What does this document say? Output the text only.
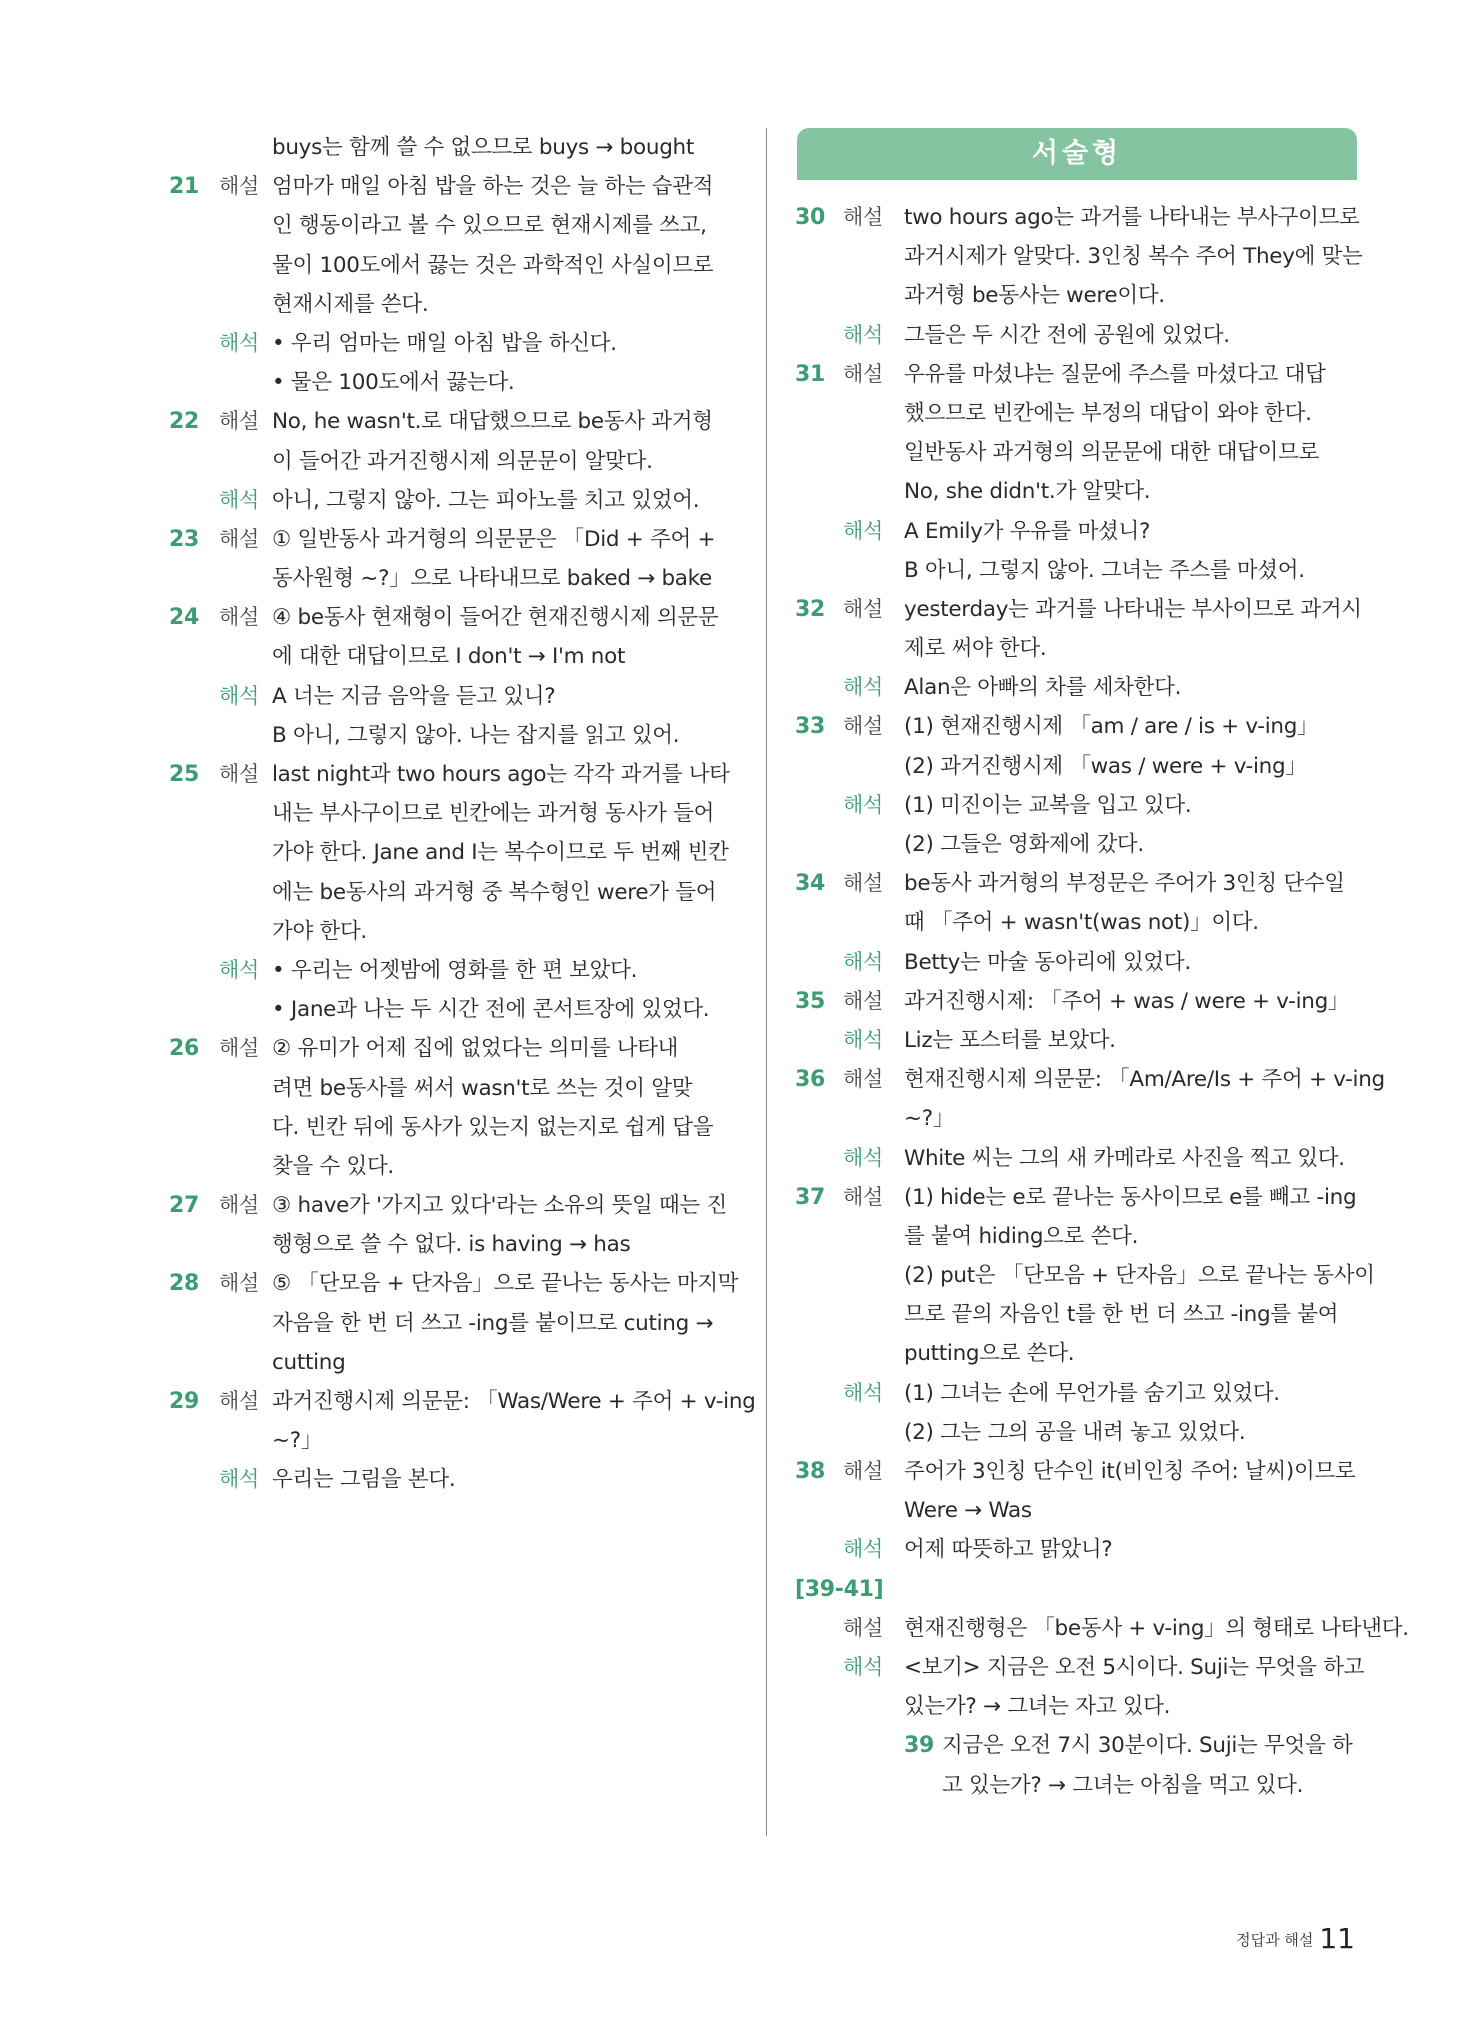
buys는 함께 쓸 수 없으므로 buys → bought
21 해설 엄마가 매일 아침 밥을 하는 것은 늘 하는 습관적
인 행동이라고 볼 수 있으므로 현재시제를 쓰고,
물이 100도에서 끓는 것은 과학적인 사실이므로
현재시제를 쓴다.
해석 • 우리 엄마는 매일 아침 밥을 하신다.
• 물은 100도에서 끓는다.
22 해설 No, he wasn't.로 대답했으므로 be동사 과거형
이 들어간 과거진행시제 의문문이 알맞다.
해석 아니, 그렇지 않아. 그는 피아노를 치고 있었어.
23 해설 ① 일반동사 과거형의 의문문은 「Did + 주어 +
동사원형 ~?」으로 나타내므로 baked → bake
24 해설 ④ be동사 현재형이 들어간 현재진행시제 의문문
에 대한 대답이므로 I don't → I'm not
해석 A 너는 지금 음악을 듣고 있니?
B 아니, 그렇지 않아. 나는 잡지를 읽고 있어.
25 해설 last night과 two hours ago는 각각 과거를 나타
내는 부사구이므로 빈칸에는 과거형 동사가 들어
가야 한다. Jane and I는 복수이므로 두 번째 빈칸
에는 be동사의 과거형 중 복수형인 were가 들어
가야 한다.
해석 • 우리는 어젯밤에 영화를 한 편 보았다.
• Jane과 나는 두 시간 전에 콘서트장에 있었다.
26 해설 ② 유미가 어제 집에 없었다는 의미를 나타내
려면 be동사를 써서 wasn't로 쓰는 것이 알맞
다. 빈칸 뒤에 동사가 있는지 없는지로 쉽게 답을
찾을 수 있다.
27 해설 ③ have가 '가지고 있다'라는 소유의 뜻일 때는 진
행형으로 쓸 수 없다. is having → has
28 해설 ⑤ 「단모음 + 단자음」으로 끝나는 동사는 마지막
자음을 한 번 더 쓰고 -ing를 붙이므로 cuting →
cutting
29 해설 과거진행시제 의문문: 「Was/Were + 주어 + v-ing
~?」
해석 우리는 그림을 본다.
서술형
30 해설 two hours ago는 과거를 나타내는 부사구이므로
과거시제가 알맞다. 3인칭 복수 주어 They에 맞는
과거형 be동사는 were이다.
해석 그들은 두 시간 전에 공원에 있었다.
31 해설 우유를 마셨냐는 질문에 주스를 마셨다고 대답
했으므로 빈칸에는 부정의 대답이 와야 한다.
일반동사 과거형의 의문문에 대한 대답이므로
No, she didn't.가 알맞다.
해석 A Emily가 우유를 마셨니?
B 아니, 그렇지 않아. 그녀는 주스를 마셨어.
32 해설 yesterday는 과거를 나타내는 부사이므로 과거시
제로 써야 한다.
해석 Alan은 아빠의 차를 세차한다.
33 해설 (1) 현재진행시제 「am / are / is + v-ing」
(2) 과거진행시제 「was / were + v-ing」
해석 (1) 미진이는 교복을 입고 있다.
(2) 그들은 영화제에 갔다.
34 해설 be동사 과거형의 부정문은 주어가 3인칭 단수일
때 「주어 + wasn't(was not)」이다.
해석 Betty는 마술 동아리에 있었다.
35 해설 과거진행시제: 「주어 + was / were + v-ing」
해석 Liz는 포스터를 보았다.
36 해설 현재진행시제 의문문: 「Am/Are/Is + 주어 + v-ing
~?」
해석 White 씨는 그의 새 카메라로 사진을 찍고 있다.
37 해설 (1) hide는 e로 끝나는 동사이므로 e를 빼고 -ing
를 붙여 hiding으로 쓴다.
(2) put은 「단모음 + 단자음」으로 끝나는 동사이
므로 끝의 자음인 t를 한 번 더 쓰고 -ing를 붙여
putting으로 쓴다.
해석 (1) 그녀는 손에 무언가를 숨기고 있었다.
(2) 그는 그의 공을 내려 놓고 있었다.
38 해설 주어가 3인칭 단수인 it(비인칭 주어: 날씨)이므로
Were → Was
해석 어제 따뜻하고 맑았니?
[39-41]
해설 현재진행형은 「be동사 + v-ing」의 형태로 나타낸다.
해석 <보기> 지금은 오전 5시이다. Suji는 무엇을 하고
있는가? → 그녀는 자고 있다.
39 지금은 오전 7시 30분이다. Suji는 무엇을 하
고 있는가? → 그녀는 아침을 먹고 있다.
정답과 해설 11
